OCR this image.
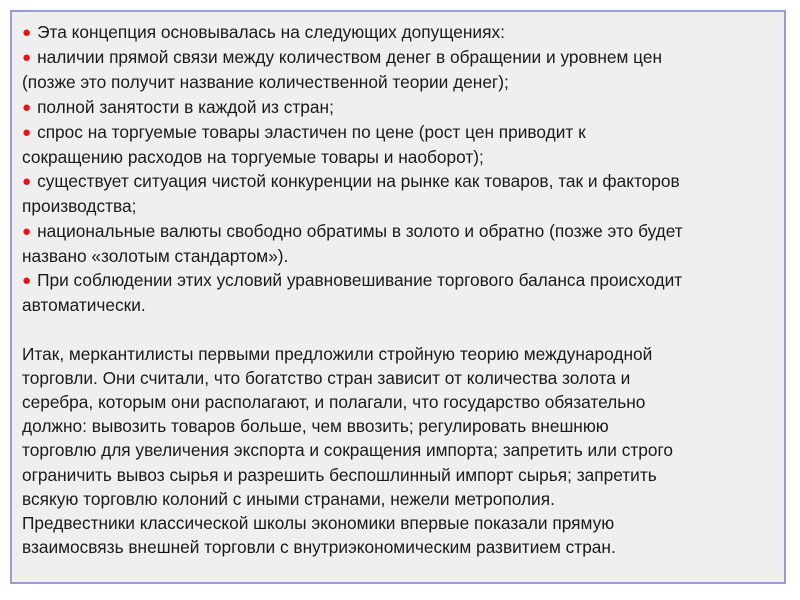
● Эта концепция основывалась на следующих допущениях:
● наличии прямой связи между количеством денег в обращении и уровнем цен
(позже это получит название количественной теории денег);
● полной занятости в каждой из стран;
● спрос на торгуемые товары эластичен по цене (рост цен приводит к
сокращению расходов на торгуемые товары и наоборот);
● существует ситуация чистой конкуренции на рынке как товаров, так и факторов
производства;
● национальные валюты свободно обратимы в золото и обратно (позже это будет
названо «золотым стандартом»).
● При соблюдении этих условий уравновешивание торгового баланса происходит
автоматически.
Итак, меркантилисты первыми предложили стройную теорию международной
торговли. Они считали, что богатство стран зависит от количества золота и
серебра, которым они располагают, и полагали, что государство обязательно
должно: вывозить товаров больше, чем ввозить; регулировать внешнюю
торговлю для увеличения экспорта и сокращения импорта; запретить или строго
ограничить вывоз сырья и разрешить беспошлинный импорт сырья; запретить
всякую торговлю колоний с иными странами, нежели метрополия.
Предвестники классической школы экономики впервые показали прямую
взаимосвязь внешней торговли с внутриэкономическим развитием стран.
